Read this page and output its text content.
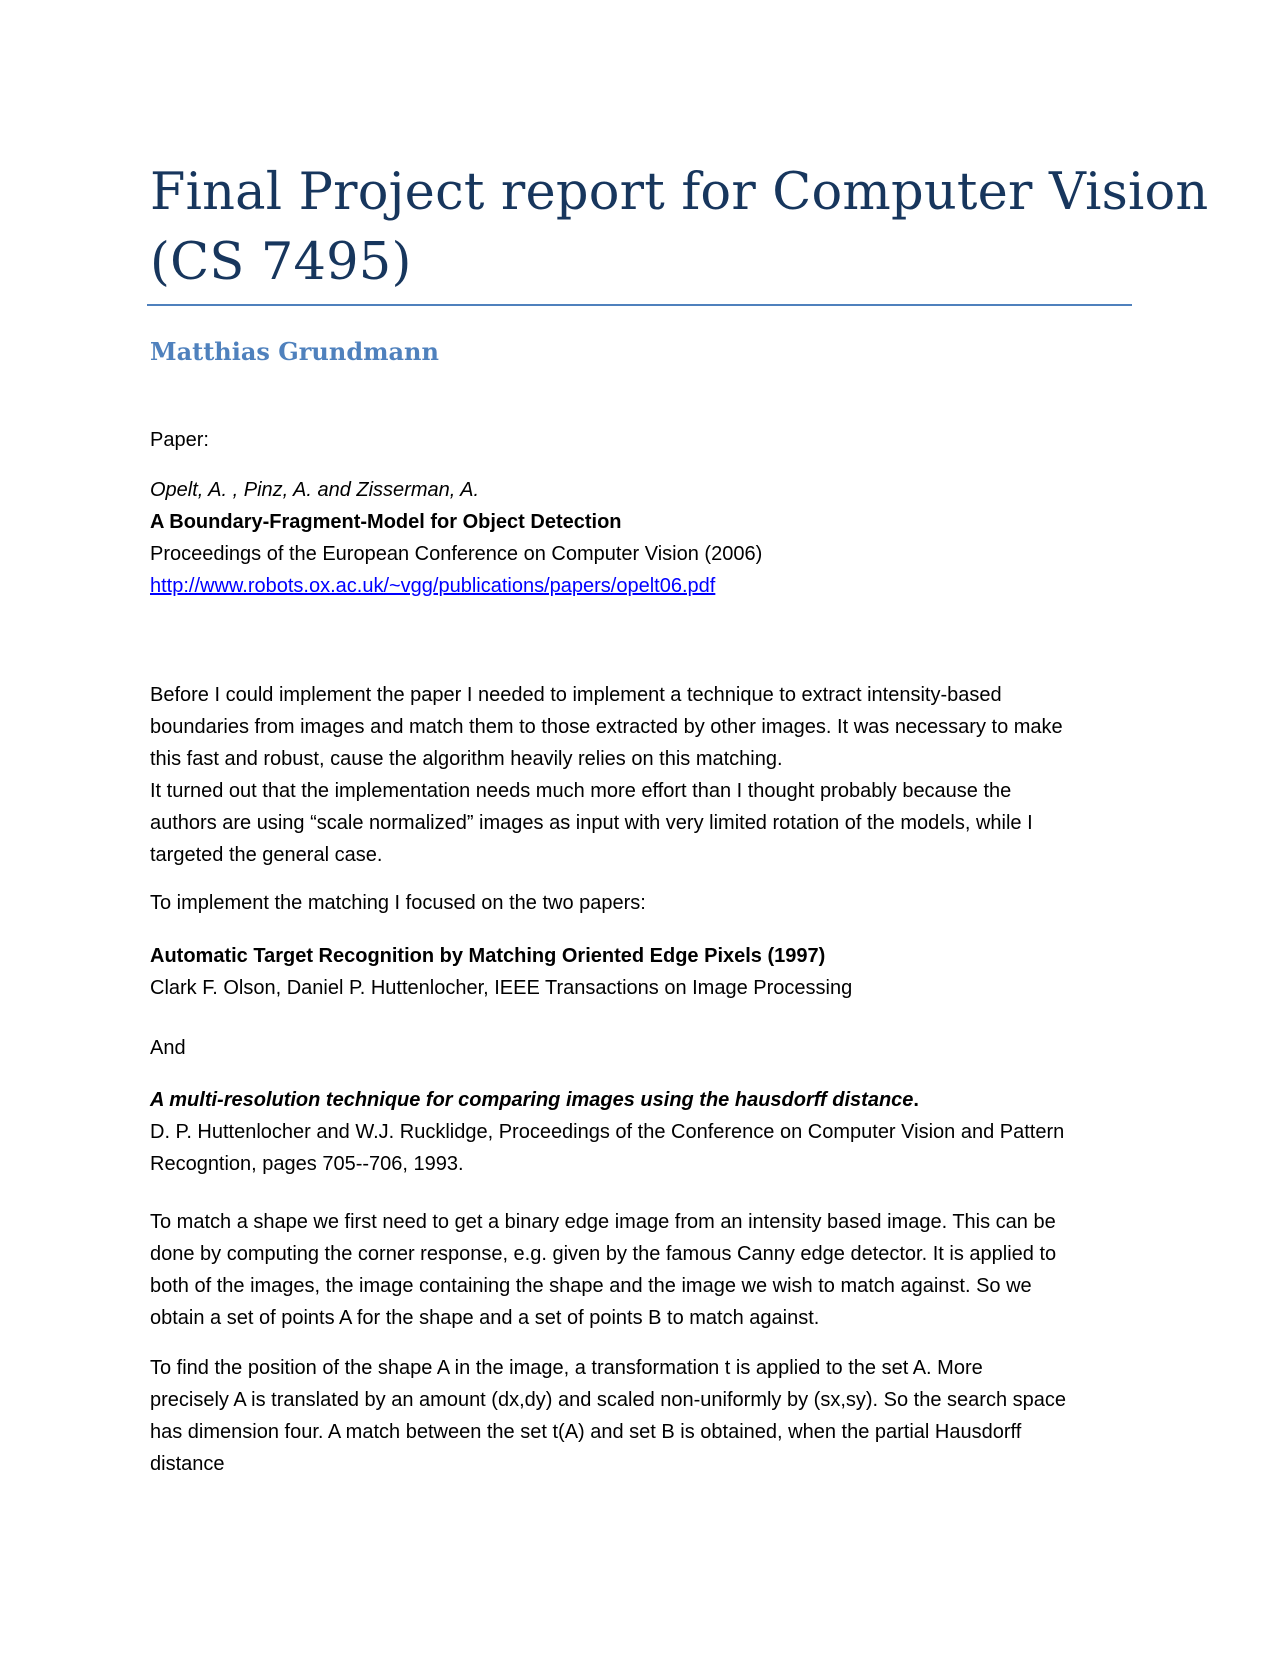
Final Project report for Computer Vision
(CS 7495)
Matthias Grundmann

Paper:

Opelt, A. , Pinz, A. and Zisserman, A.
A Boundary-Fragment-Model for Object Detection
Proceedings of the European Conference on Computer Vision (2006)
http://www.robots.ox.ac.uk/~vgg/publications/papers/opelt06.pdf
Before I could implement the paper I needed to implement a technique to extract intensity-based
boundaries from images and match them to those extracted by other images. It was necessary to make
this fast and robust, cause the algorithm heavily relies on this matching.
It turned out that the implementation needs much more effort than I thought probably because the
authors are using “scale normalized” images as input with very limited rotation of the models, while I
targeted the general case.

To implement the matching I focused on the two papers:

Automatic Target Recognition by Matching Oriented Edge Pixels (1997)
Clark F. Olson, Daniel P. Huttenlocher, IEEE Transactions on Image Processing

And

A multi-resolution technique for comparing images using the hausdorff distance.
D. P. Huttenlocher and W.J. Rucklidge, Proceedings of the Conference on Computer Vision and Pattern
Recogntion, pages 705--706, 1993.
To match a shape we first need to get a binary edge image from an intensity based image. This can be
done by computing the corner response, e.g. given by the famous Canny edge detector. It is applied to
both of the images, the image containing the shape and the image we wish to match against. So we
obtain a set of points A for the shape and a set of points B to match against.
To find the position of the shape A in the image, a transformation t is applied to the set A. More
precisely A is translated by an amount (dx,dy) and scaled non-uniformly by (sx,sy). So the search space
has dimension four. A match between the set t(A) and set B is obtained, when the partial Hausdorff
distance
